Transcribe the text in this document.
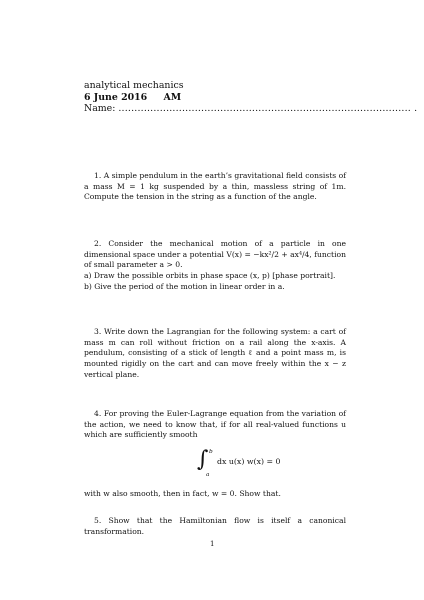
analytical mechanics
6 June 2016 AM
Name: ............................................................................................ .
1. A simple pendulum in the earth’s gravitational field consists of a mass M = 1 kg suspended by a thin, massless string of 1m. Compute the tension in the string as a function of the angle.
2. Consider the mechanical motion of a particle in one dimensional space under a potential V(x) = −kx²/2 + ax⁴/4, function of small parameter a > 0.
a) Draw the possible orbits in phase space (x, p) [phase portrait].
b) Give the period of the motion in linear order in a.
3. Write down the Lagrangian for the following system: a cart of mass m can roll without friction on a rail along the x-axis. A pendulum, consisting of a stick of length ℓ and a point mass m, is mounted rigidly on the cart and can move freely within the x − z vertical plane.
4. For proving the Euler-Lagrange equation from the variation of the action, we need to know that, if for all real-valued functions u which are sufficiently smooth
∫ b
a
dx u(x) w(x) = 0
with w also smooth, then in fact, w = 0. Show that.
5. Show that the Hamiltonian flow is itself a canonical transformation.
1
